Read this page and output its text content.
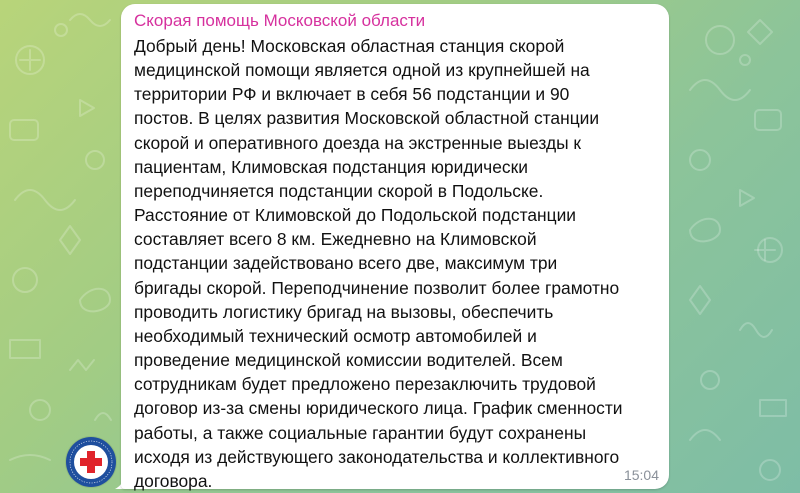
Скорая помощь Московской области
Добрый день! Московская областная станция скорой
медицинской помощи является одной из крупнейшей на
территории РФ и включает в себя 56 подстанции и 90
постов. В целях развития Московской областной станции
скорой и оперативного доезда на экстренные выезды к
пациентам, Климовская подстанция юридически
переподчиняется подстанции скорой в Подольске.
Расстояние от Климовской до Подольской подстанции
составляет всего 8 км. Ежедневно на Климовской
подстанции задействовано всего две, максимум три
бригады скорой. Переподчинение позволит более грамотно
проводить логистику бригад на вызовы, обеспечить
необходимый технический осмотр автомобилей и
проведение медицинской комиссии водителей. Всем
сотрудникам будет предложено перезаключить трудовой
договор из-за смены юридического лица. График сменности
работы, а также социальные гарантии будут сохранены
исходя из действующего законодательства и коллективного
договора.	15:04
